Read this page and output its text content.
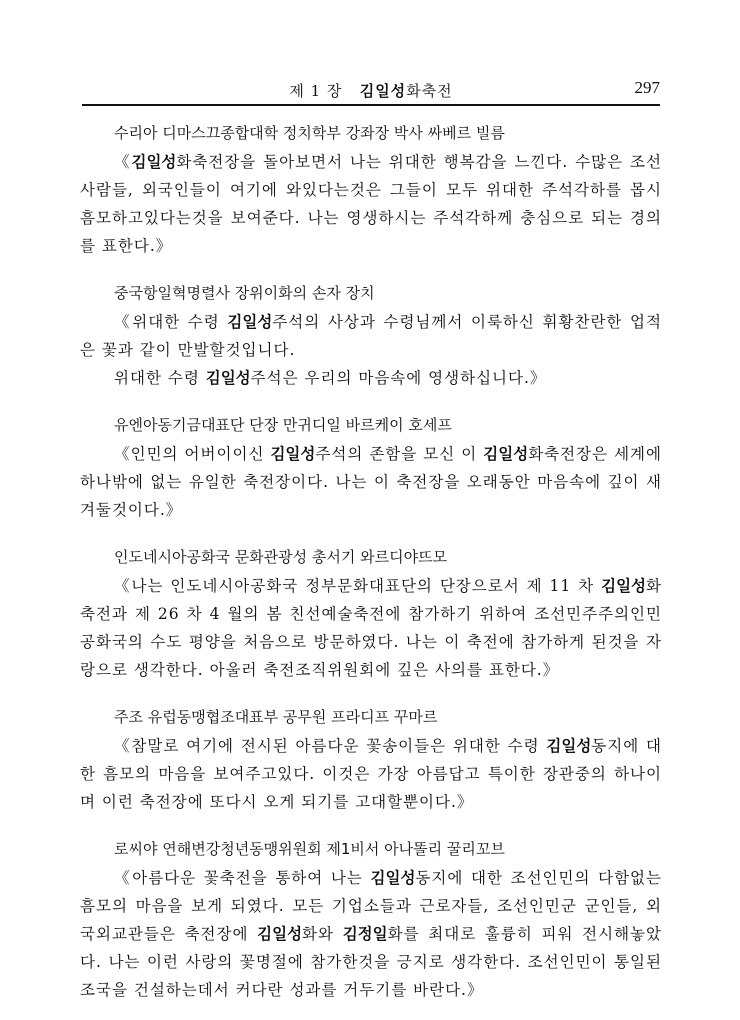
제 1 장 김일성화축전	297
수리아 디마스끄종합대학 정치학부 강좌장 박사 싸베르 빌름

《김일성화축전장을 돌아보면서 나는 위대한 행복감을 느낀다. 수많은 조선사람들, 외국인들이 여기에 와있다는것은 그들이 모두 위대한 주석각하를 몹시 흠모하고있다는것을 보여준다. 나는 영생하시는 주석각하께 충심으로 되는 경의를 표한다.》

중국항일혁명렬사 장위이화의 손자 장치

《위대한 수령 김일성주석의 사상과 수령님께서 이룩하신 휘황찬란한 업적은 꽃과 같이 만발할것입니다.

위대한 수령 김일성주석은 우리의 마음속에 영생하십니다.》

유엔아동기금대표단 단장 만귀디일 바르케이 호세프

《인민의 어버이이신 김일성주석의 존함을 모신 이 김일성화축전장은 세계에 하나밖에 없는 유일한 축전장이다. 나는 이 축전장을 오래동안 마음속에 깊이 새겨둘것이다.》

인도네시아공화국 문화관광성 총서기 와르디야뜨모

《나는 인도네시아공화국 정부문화대표단의 단장으로서 제 11 차 김일성화축전과 제 26 차 4 월의 봄 친선예술축전에 참가하기 위하여 조선민주주의인민공화국의 수도 평양을 처음으로 방문하였다. 나는 이 축전에 참가하게 된것을 자랑으로 생각한다. 아울러 축전조직위원회에 깊은 사의를 표한다.》

주조 유럽동맹협조대표부 공무원 프라디프 꾸마르

《참말로 여기에 전시된 아름다운 꽃송이들은 위대한 수령 김일성동지에 대한 흠모의 마음을 보여주고있다. 이것은 가장 아름답고 특이한 장관중의 하나이며 이런 축전장에 또다시 오게 되기를 고대할뿐이다.》

로씨야 연해변강청년동맹위원회 제1비서 아나똘리 꿀리꼬브

《아름다운 꽃축전을 통하여 나는 김일성동지에 대한 조선인민의 다함없는 흠모의 마음을 보게 되였다. 모든 기업소들과 근로자들, 조선인민군 군인들, 외국외교관들은 축전장에 김일성화와 김정일화를 최대로 훌륭히 피워 전시해놓았다. 나는 이런 사랑의 꽃명절에 참가한것을 긍지로 생각한다. 조선인민이 통일된 조국을 건설하는데서 커다란 성과를 거두기를 바란다.》
